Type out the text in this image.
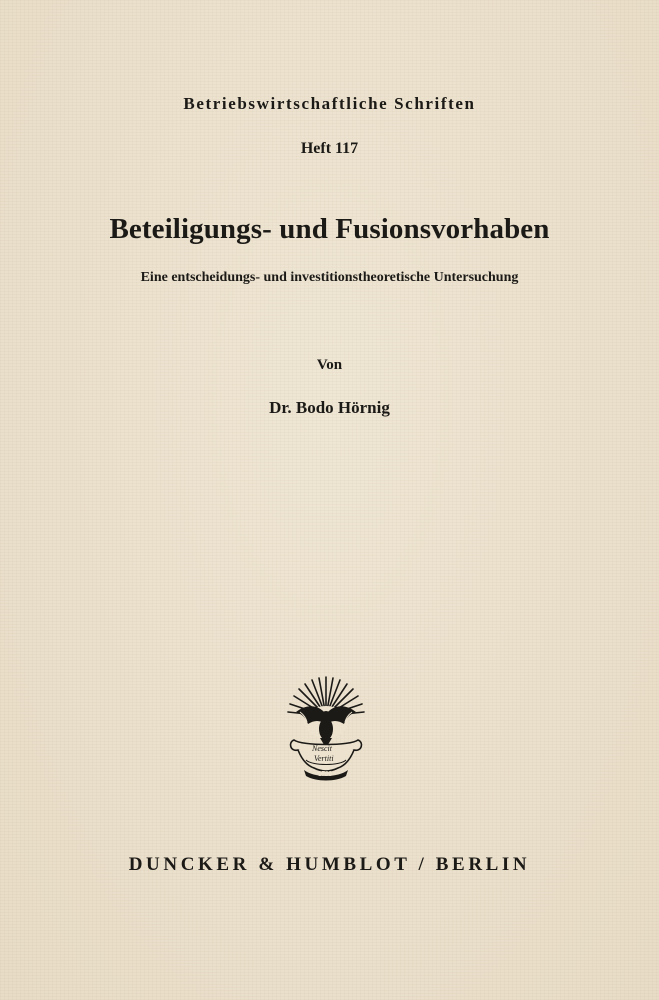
Betriebswirtschaftliche Schriften
Heft 117
Beteiligungs- und Fusionsvorhaben
Eine entscheidungs- und investitionstheoretische Untersuchung
Von
Dr. Bodo Hörnig
Nescit
Vertiti
1798
DUNCKER & HUMBLOT / BERLIN
